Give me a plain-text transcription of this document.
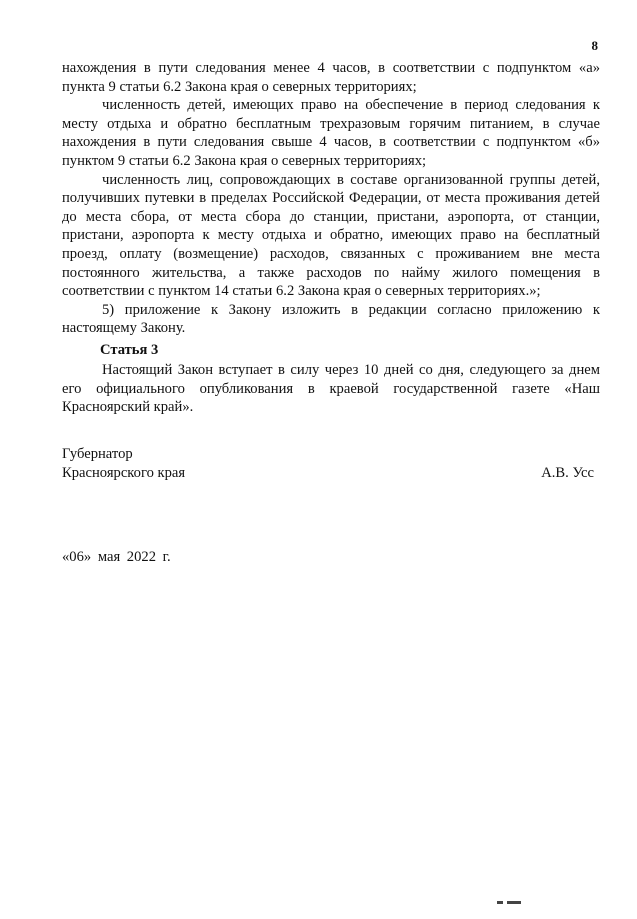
8

нахождения в пути следования менее 4 часов, в соответствии с подпунктом «а» пункта 9 статьи 6.2 Закона края о северных территориях;

численность детей, имеющих право на обеспечение в период следования к месту отдыха и обратно бесплатным трехразовым горячим питанием, в случае нахождения в пути следования свыше 4 часов, в соответствии с подпунктом «б» пунктом 9 статьи 6.2 Закона края о северных территориях;

численность лиц, сопровождающих в составе организованной группы детей, получивших путевки в пределах Российской Федерации, от места проживания детей до места сбора, от места сбора до станции, пристани, аэропорта, от станции, пристани, аэропорта к месту отдыха и обратно, имеющих право на бесплатный проезд, оплату (возмещение) расходов, связанных с проживанием вне места постоянного жительства, а также расходов по найму жилого помещения в соответствии с пунктом 14 статьи 6.2 Закона края о северных территориях.»;

5) приложение к Закону изложить в редакции согласно приложению к настоящему Закону.

Статья 3

Настоящий Закон вступает в силу через 10 дней со дня, следующего за днем его официального опубликования в краевой государственной газете «Наш Красноярский край».

Губернатор
Красноярского края	А.В. Усс
«06» мая 2022 г.
